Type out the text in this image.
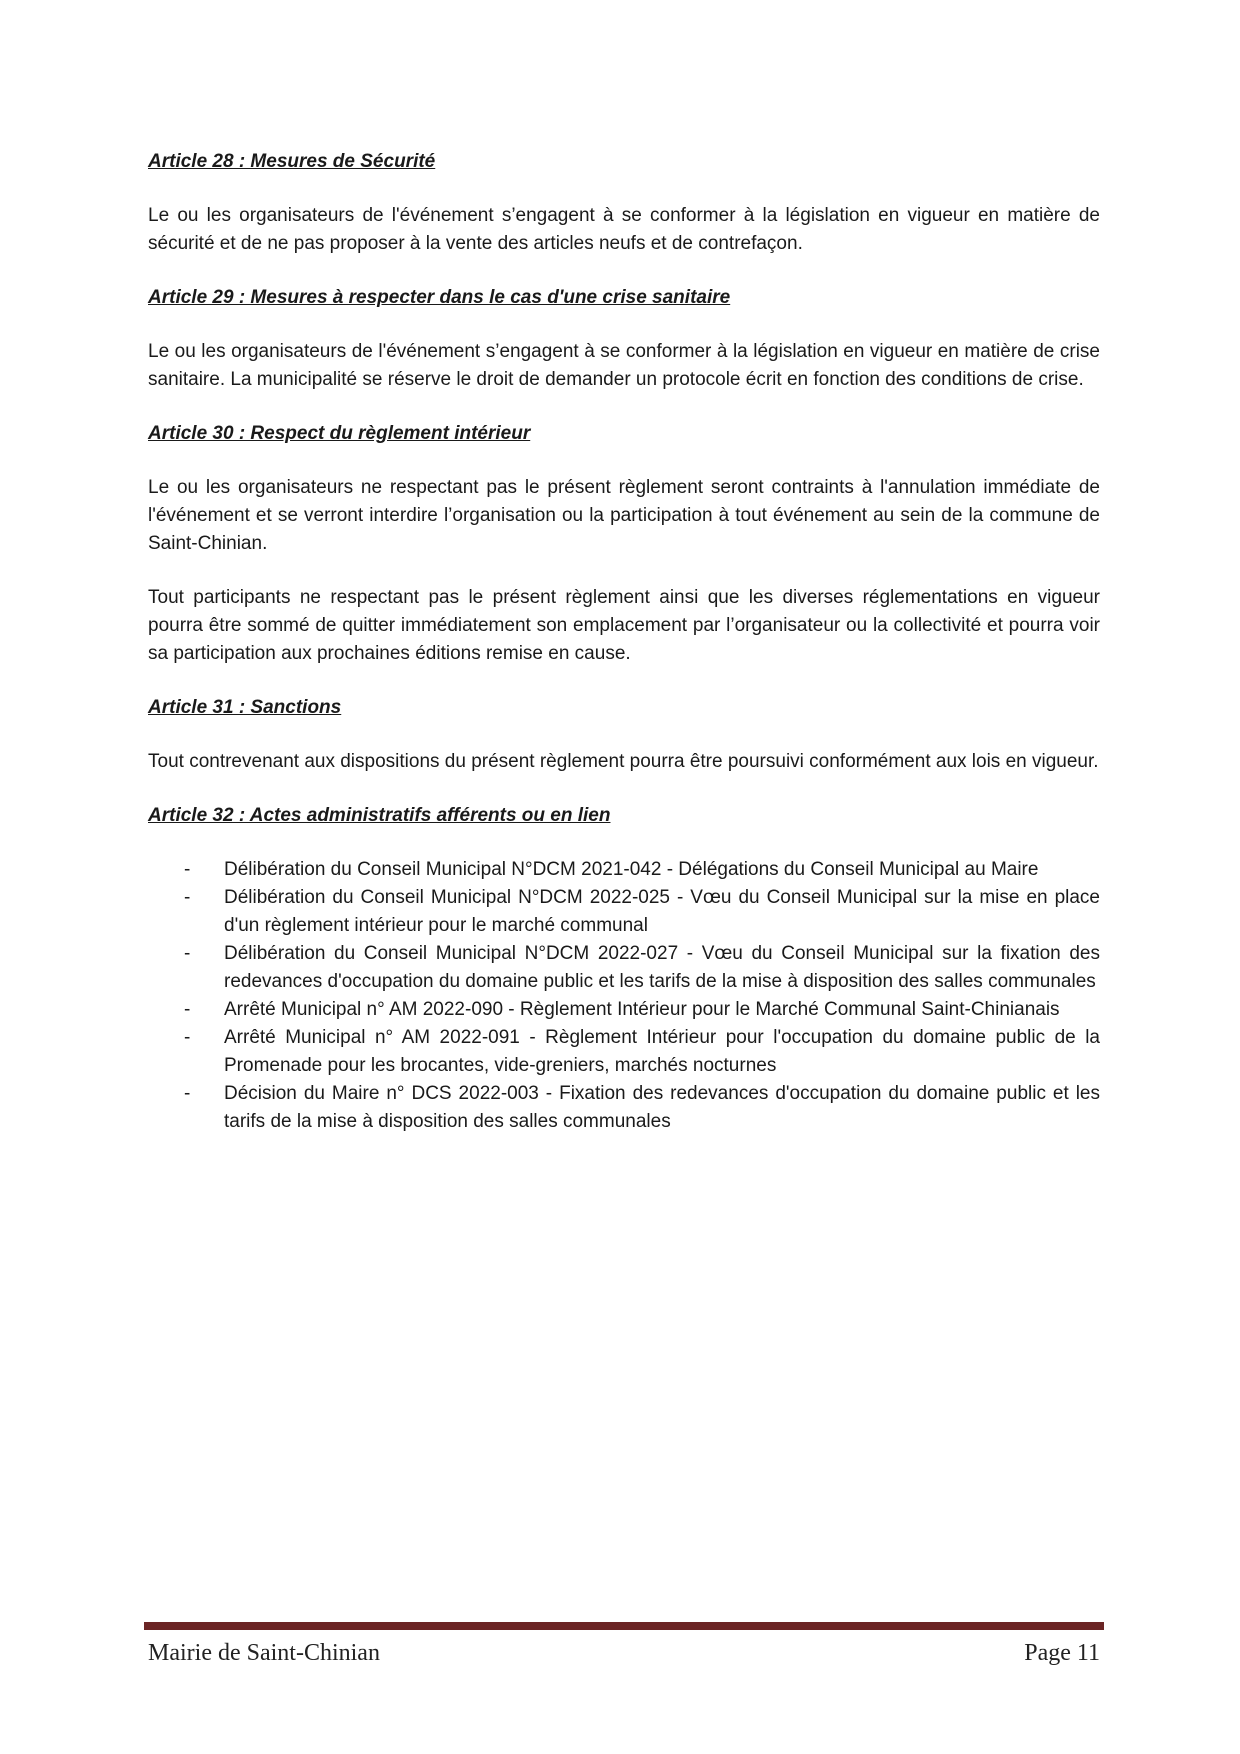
Article 28 : Mesures de Sécurité

Le ou les organisateurs de l'événement s’engagent à se conformer à la législation en vigueur en matière de sécurité et de ne pas proposer à la vente des articles neufs et de contrefaçon.

Article 29 : Mesures à respecter dans le cas d'une crise sanitaire

Le ou les organisateurs de l'événement s’engagent à se conformer à la législation en vigueur en matière de crise sanitaire. La municipalité se réserve le droit de demander un protocole écrit en fonction des conditions de crise.

Article 30 : Respect du règlement intérieur

Le ou les organisateurs ne respectant pas le présent règlement seront contraints à l'annulation immédiate de l'événement et se verront interdire l’organisation ou la participation à tout événement au sein de la commune de Saint-Chinian.

Tout participants ne respectant pas le présent règlement ainsi que les diverses réglementations en vigueur pourra être sommé de quitter immédiatement son emplacement par l’organisateur ou la collectivité et pourra voir sa participation aux prochaines éditions remise en cause.

Article 31 : Sanctions

Tout contrevenant aux dispositions du présent règlement pourra être poursuivi conformément aux lois en vigueur.

Article 32 : Actes administratifs afférents ou en lien
- Délibération du Conseil Municipal N°DCM 2021-042 - Délégations du Conseil Municipal au Maire
- Délibération du Conseil Municipal N°DCM 2022-025 - Vœu du Conseil Municipal sur la mise en place d'un règlement intérieur pour le marché communal
- Délibération du Conseil Municipal N°DCM 2022-027 - Vœu du Conseil Municipal sur la fixation des redevances d'occupation du domaine public et les tarifs de la mise à disposition des salles communales
- Arrêté Municipal n° AM 2022-090 - Règlement Intérieur pour le Marché Communal Saint-Chinianais
- Arrêté Municipal n° AM 2022-091 - Règlement Intérieur pour l'occupation du domaine public de la Promenade pour les brocantes, vide-greniers, marchés nocturnes
- Décision du Maire n° DCS 2022-003 - Fixation des redevances d'occupation du domaine public et les tarifs de la mise à disposition des salles communales
Mairie de Saint-Chinian	Page 11
